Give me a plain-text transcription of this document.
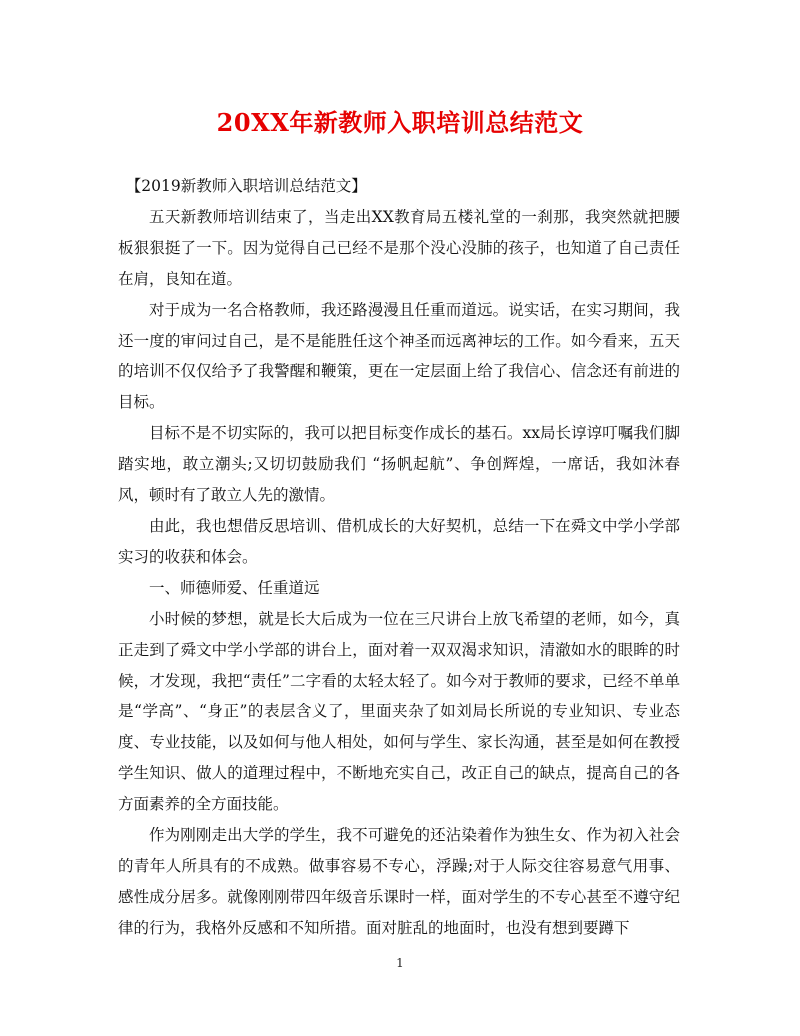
20XX年新教师入职培训总结范文

【2019新教师入职培训总结范文】

五天新教师培训结束了，当走出XX教育局五楼礼堂的一刹那，我突然就把腰板狠狠挺了一下。因为觉得自己已经不是那个没心没肺的孩子，也知道了自己责任在肩，良知在道。

对于成为一名合格教师，我还路漫漫且任重而道远。说实话，在实习期间，我还一度的审问过自己，是不是能胜任这个神圣而远离神坛的工作。如今看来，五天的培训不仅仅给予了我警醒和鞭策，更在一定层面上给了我信心、信念还有前进的目标。

目标不是不切实际的，我可以把目标变作成长的基石。xx局长谆谆叮嘱我们脚踏实地，敢立潮头;又切切鼓励我们 “扬帆起航”、争创辉煌，一席话，我如沐春风，顿时有了敢立人先的激情。

由此，我也想借反思培训、借机成长的大好契机，总结一下在舜文中学小学部实习的收获和体会。

一、师德师爱、任重道远

小时候的梦想，就是长大后成为一位在三尺讲台上放飞希望的老师，如今，真正走到了舜文中学小学部的讲台上，面对着一双双渴求知识，清澈如水的眼眸的时候，才发现，我把“责任”二字看的太轻太轻了。如今对于教师的要求，已经不单单是“学高”、“身正”的表层含义了，里面夹杂了如刘局长所说的专业知识、专业态度、专业技能，以及如何与他人相处，如何与学生、家长沟通，甚至是如何在教授学生知识、做人的道理过程中，不断地充实自己，改正自己的缺点，提高自己的各方面素养的全方面技能。

作为刚刚走出大学的学生，我不可避免的还沾染着作为独生女、作为初入社会的青年人所具有的不成熟。做事容易不专心，浮躁;对于人际交往容易意气用事、感性成分居多。就像刚刚带四年级音乐课时一样，面对学生的不专心甚至不遵守纪律的行为，我格外反感和不知所措。面对脏乱的地面时，也没有想到要蹲下

1
